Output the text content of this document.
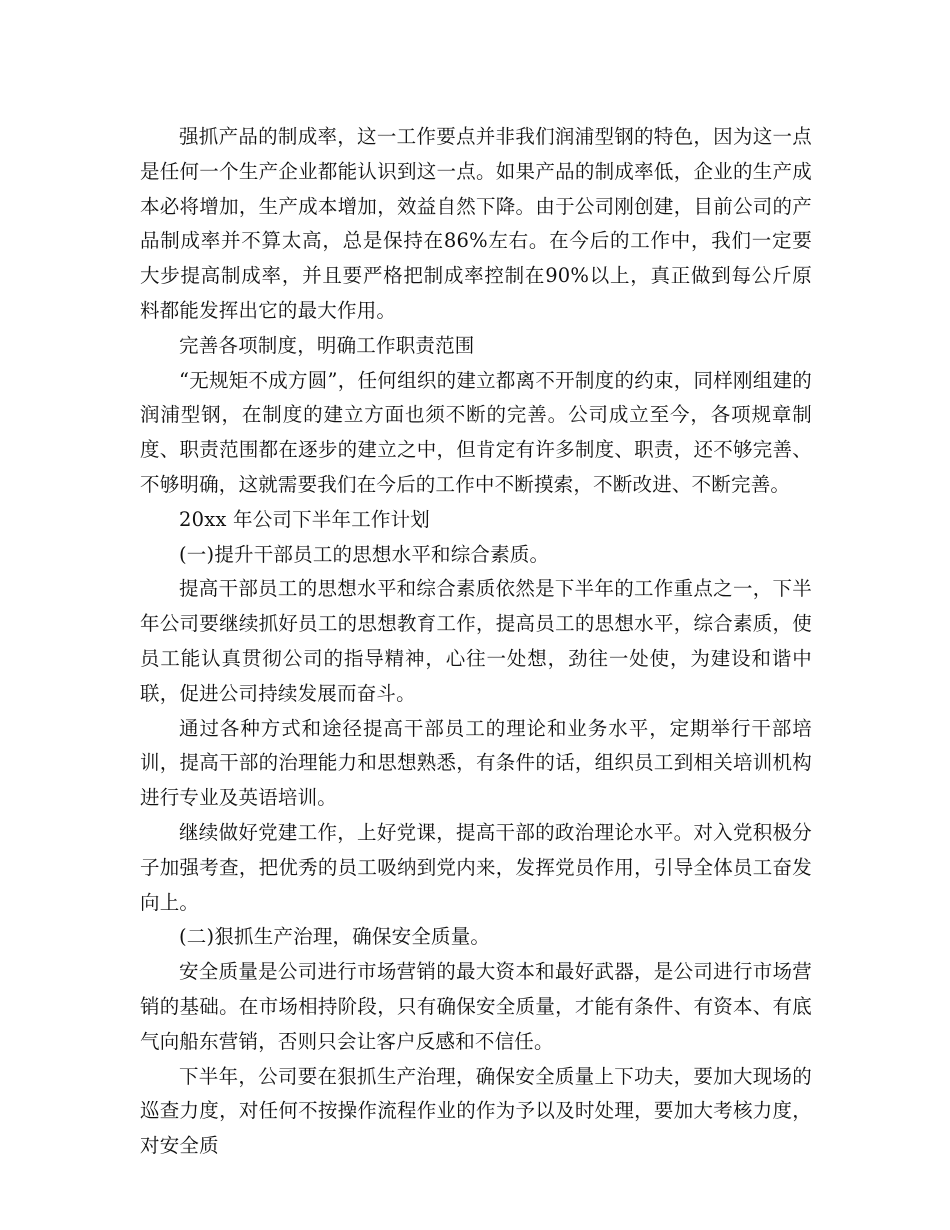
强抓产品的制成率，这一工作要点并非我们润浦型钢的特色，因为这一点是任何一个生产企业都能认识到这一点。如果产品的制成率低，企业的生产成本必将增加，生产成本增加，效益自然下降。由于公司刚创建，目前公司的产品制成率并不算太高，总是保持在86%左右。在今后的工作中，我们一定要大步提高制成率，并且要严格把制成率控制在90%以上，真正做到每公斤原料都能发挥出它的最大作用。

完善各项制度，明确工作职责范围

“无规矩不成方圆”，任何组织的建立都离不开制度的约束，同样刚组建的润浦型钢，在制度的建立方面也须不断的完善。公司成立至今，各项规章制度、职责范围都在逐步的建立之中，但肯定有许多制度、职责，还不够完善、不够明确，这就需要我们在今后的工作中不断摸索，不断改进、不断完善。

20xx 年公司下半年工作计划

(一)提升干部员工的思想水平和综合素质。

提高干部员工的思想水平和综合素质依然是下半年的工作重点之一，下半年公司要继续抓好员工的思想教育工作，提高员工的思想水平，综合素质，使员工能认真贯彻公司的指导精神，心往一处想，劲往一处使，为建设和谐中联，促进公司持续发展而奋斗。

通过各种方式和途径提高干部员工的理论和业务水平，定期举行干部培训，提高干部的治理能力和思想熟悉，有条件的话，组织员工到相关培训机构进行专业及英语培训。

继续做好党建工作，上好党课，提高干部的政治理论水平。对入党积极分子加强考查，把优秀的员工吸纳到党内来，发挥党员作用，引导全体员工奋发向上。

(二)狠抓生产治理，确保安全质量。

安全质量是公司进行市场营销的最大资本和最好武器，是公司进行市场营销的基础。在市场相持阶段，只有确保安全质量，才能有条件、有资本、有底气向船东营销，否则只会让客户反感和不信任。

下半年，公司要在狠抓生产治理，确保安全质量上下功夫，要加大现场的巡查力度，对任何不按操作流程作业的作为予以及时处理，要加大考核力度，对安全质
